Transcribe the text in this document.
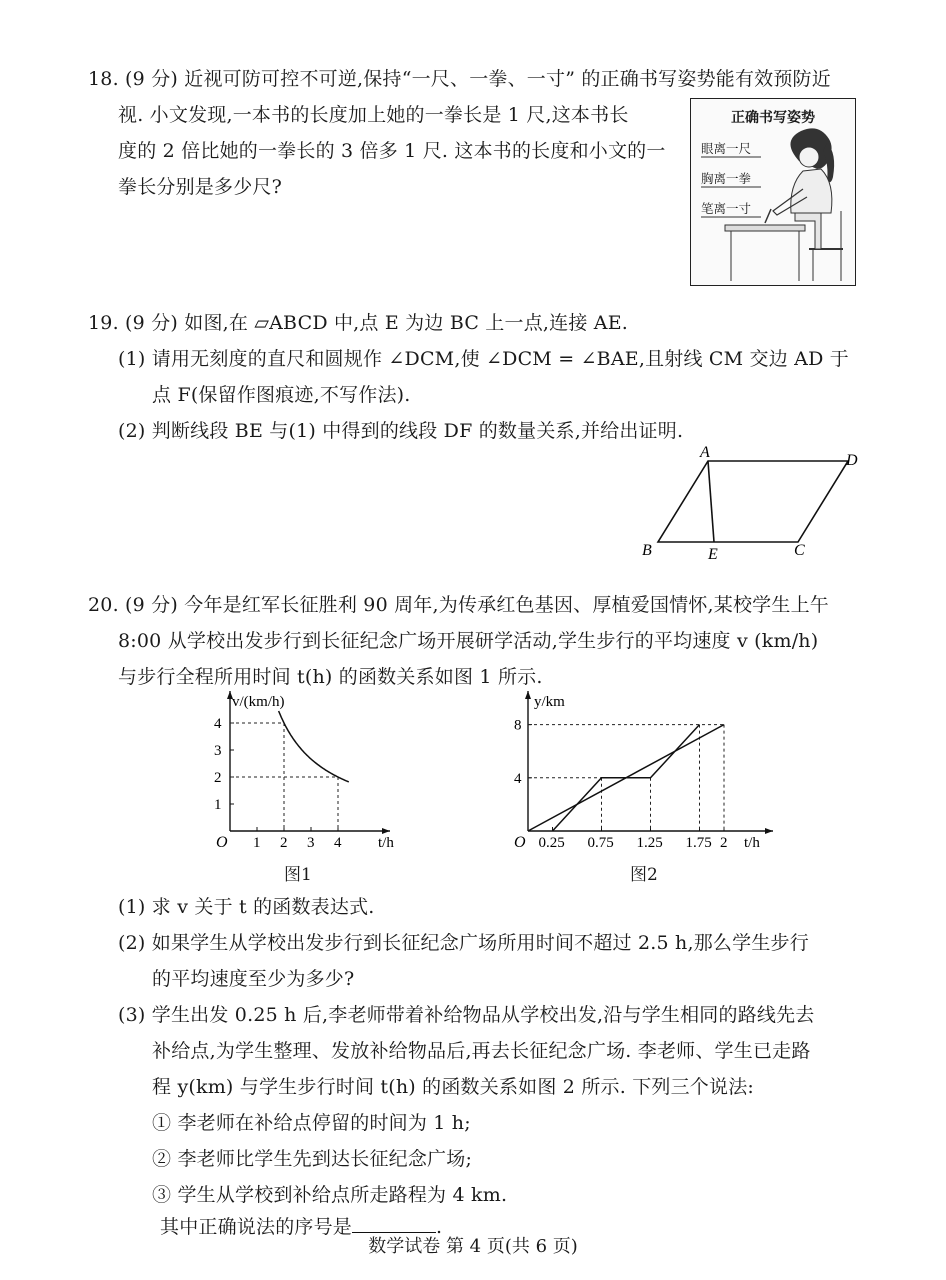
18. (9 分) 近视可防可控不可逆,保持“一尺、一拳、一寸” 的正确书写姿势能有效预防近
视. 小文发现,一本书的长度加上她的一拳长是 1 尺,这本书长
度的 2 倍比她的一拳长的 3 倍多 1 尺. 这本书的长度和小文的一
拳长分别是多少尺?
正确书写姿势
眼离一尺
胸离一拳
笔离一寸
19. (9 分) 如图,在 ▱ABCD 中,点 E 为边 BC 上一点,连接 AE.
(1) 请用无刻度的直尺和圆规作 ∠DCM,使 ∠DCM = ∠BAE,且射线 CM 交边 AD 于
点 F(保留作图痕迹,不写作法).
(2) 判断线段 BE 与(1) 中得到的线段 DF 的数量关系,并给出证明.
A	D
B	E	C
20. (9 分) 今年是红军长征胜利 90 周年,为传承红色基因、厚植爱国情怀,某校学生上午
8:00 从学校出发步行到长征纪念广场开展研学活动,学生步行的平均速度 v (km/h)
与步行全程所用时间 t(h) 的函数关系如图 1 所示.
O
v/(km/h)
t/h
1 2 3 4
1
2
3
4
图1
O
y/km
t/h
0.25 0.75 1.25 1.75 2
4
8
图2
(1) 求 v 关于 t 的函数表达式.
(2) 如果学生从学校出发步行到长征纪念广场所用时间不超过 2.5 h,那么学生步行
的平均速度至少为多少?
(3) 学生出发 0.25 h 后,李老师带着补给物品从学校出发,沿与学生相同的路线先去
补给点,为学生整理、发放补给物品后,再去长征纪念广场. 李老师、学生已走路
程 y(km) 与学生步行时间 t(h) 的函数关系如图 2 所示. 下列三个说法:
① 李老师在补给点停留的时间为 1 h;
② 李老师比学生先到达长征纪念广场;
③ 学生从学校到补给点所走路程为 4 km.
其中正确说法的序号是	.
数学试卷 第 4 页(共 6 页)
